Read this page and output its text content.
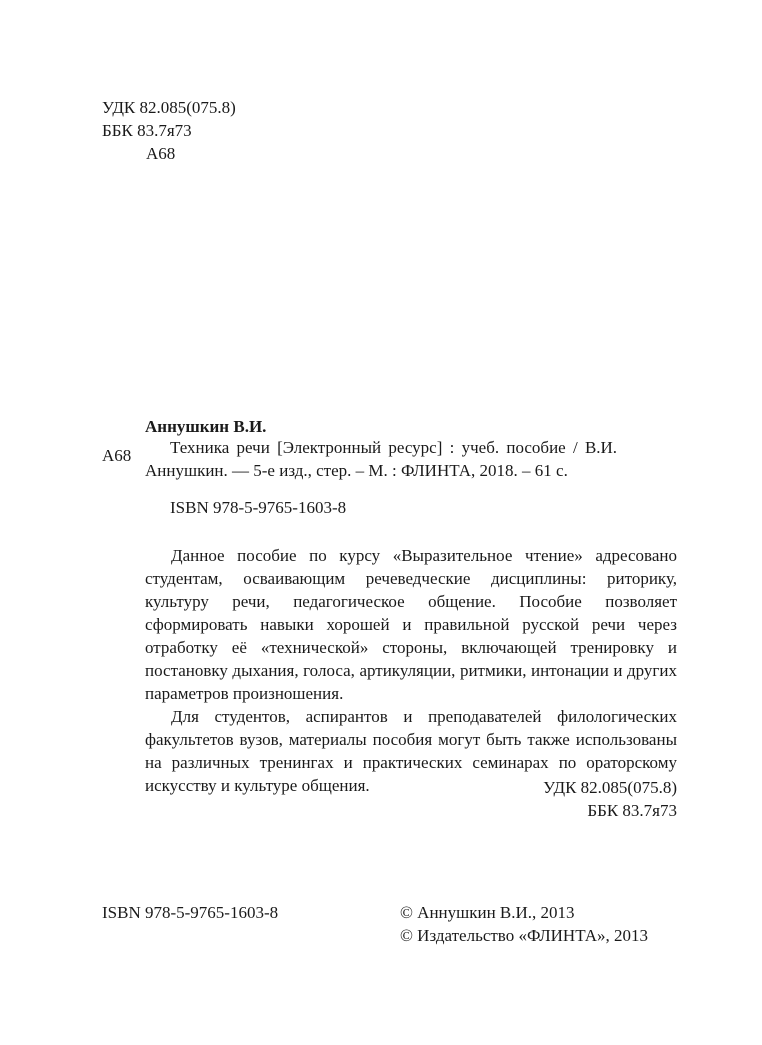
УДК 82.085(075.8)
ББК 83.7я73
А68
А68
Аннушкин В.И.
Техника речи [Электронный ресурс] : учеб. пособие / В.И.
Аннушкин. — 5-е изд., стер. – М. : ФЛИНТА, 2018. – 61 с.
ISBN 978-5-9765-1603-8

Данное пособие по курсу «Выразительное чтение» адресовано студентам, осваивающим речеведческие дисциплины: риторику, культуру речи, педагогическое общение. Пособие позволяет сформировать навыки хорошей и правильной русской речи через отработку её «технической» стороны, включающей тренировку и постановку дыхания, голоса, артикуляции, ритмики, интонации и других параметров произношения.

Для студентов, аспирантов и преподавателей филологических факультетов вузов, материалы пособия могут быть также использованы на различных тренингах и практических семинарах по ораторскому искусству и культуре общения.	УДК 82.085(075.8)
ББК 83.7я73
ISBN 978-5-9765-1603-8	© Аннушкин В.И., 2013
© Издательство «ФЛИНТА», 2013
